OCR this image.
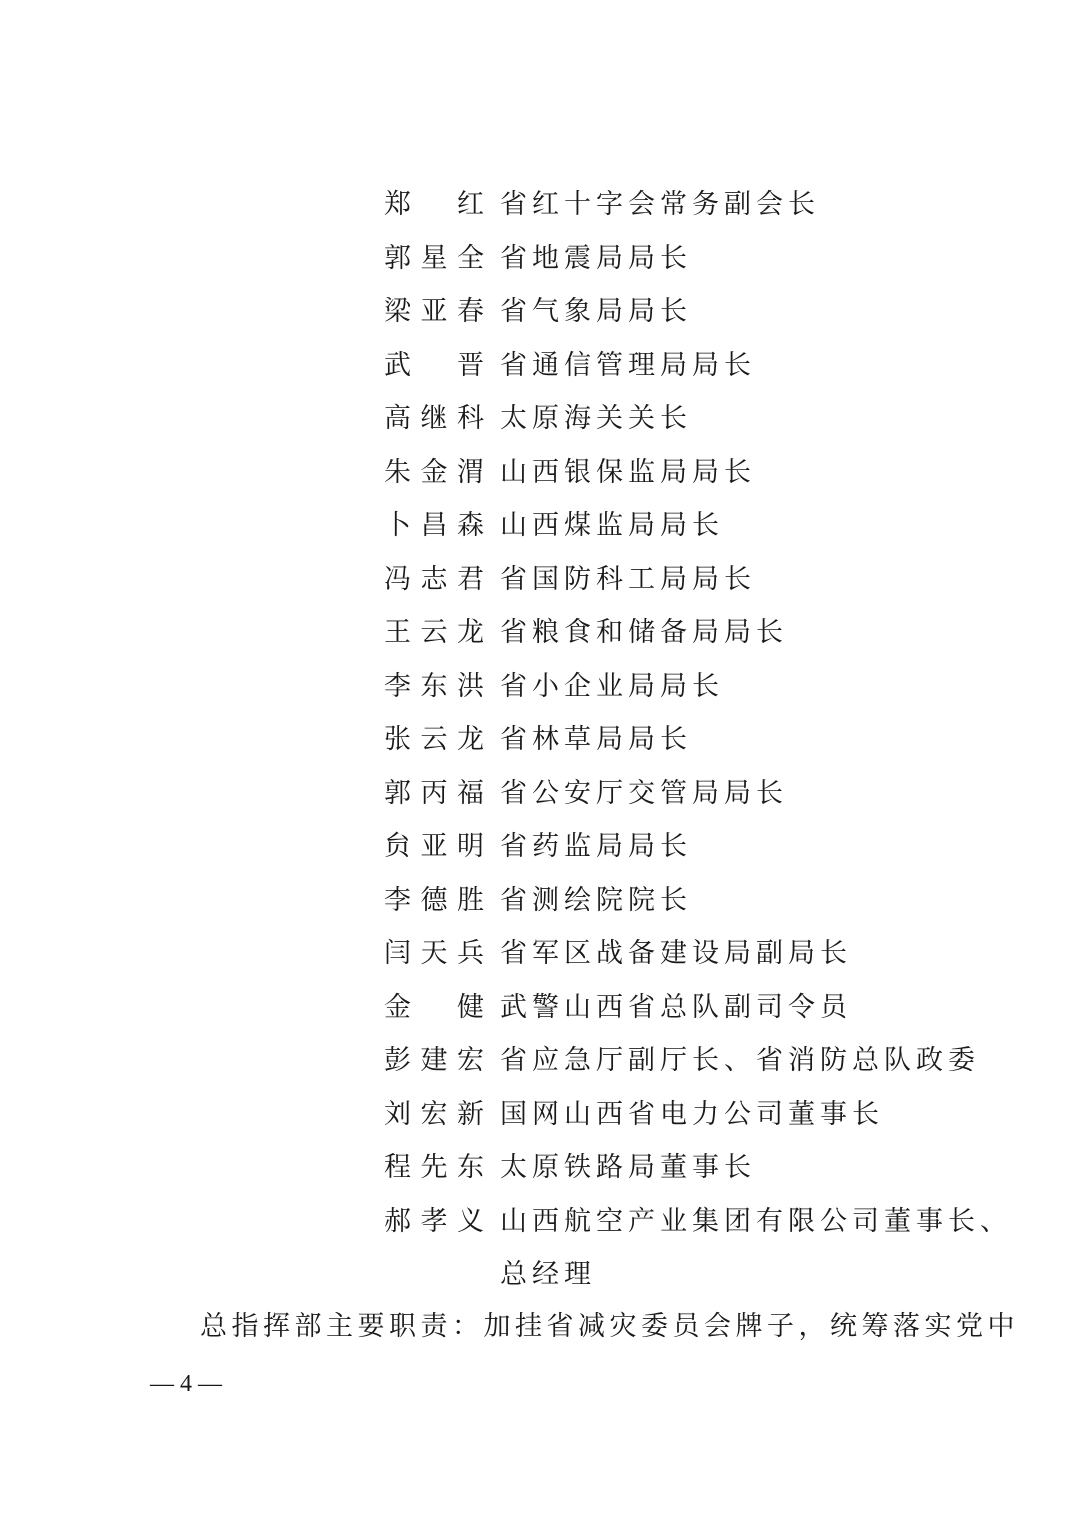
郑红 省红十字会常务副会长
郭星全 省地震局局长
梁亚春 省气象局局长
武晋 省通信管理局局长
高继科 太原海关关长
朱金渭 山西银保监局局长
卜昌森 山西煤监局局长
冯志君 省国防科工局局长
王云龙 省粮食和储备局局长
李东洪 省小企业局局长
张云龙 省林草局局长
郭丙福 省公安厅交管局局长
贠亚明 省药监局局长
李德胜 省测绘院院长
闫天兵 省军区战备建设局副局长
金健 武警山西省总队副司令员
彭建宏 省应急厅副厅长、省消防总队政委
刘宏新 国网山西省电力公司董事长
程先东 太原铁路局董事长
郝孝义 山西航空产业集团有限公司董事长、
总经理
总指挥部主要职责：加挂省减灾委员会牌子，统筹落实党中
— 4 —
